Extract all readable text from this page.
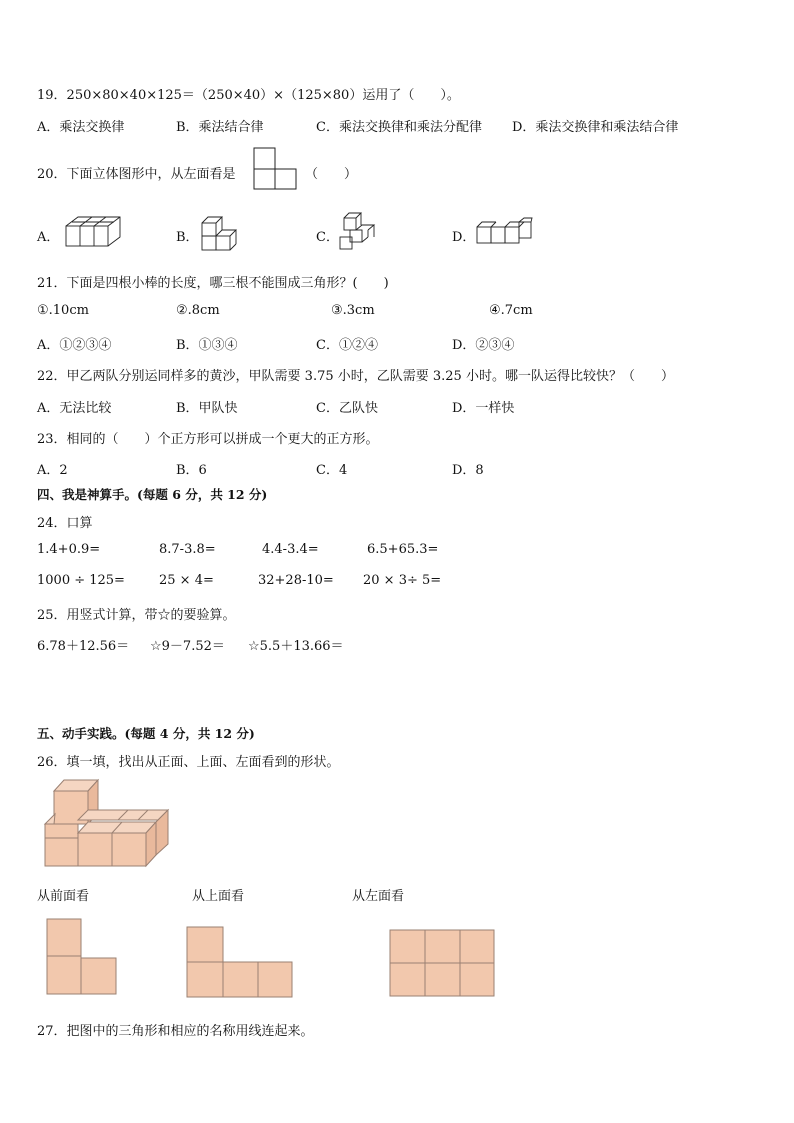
19．250×80×40×125＝（250×40）×（125×80）运用了（　　）。
A．乘法交换律	B．乘法结合律	C．乘法交换律和乘法分配律 D．乘法交换律和乘法结合律
20．下面立体图形中，从左面看是	（　　）
A．	B．	C．	D．
21．下面是四根小棒的长度，哪三根不能围成三角形？(　　)
①.10cm	②.8cm	③.3cm	④.7cm
A．①②③④	B．①③④	C．①②④	D．②③④
22．甲乙两队分别运同样多的黄沙，甲队需要 3.75 小时，乙队需要 3.25 小时。哪一队运得比较快？（　　）
A．无法比较	B．甲队快	C．乙队快	D．一样快
23．相同的（　　）个正方形可以拼成一个更大的正方形。
A．2	B．6	C．4	D．8
四、我是神算手。(每题 6 分，共 12 分)
24．口算
1.4+0.9=	8.7-3.8=	4.4-3.4=	6.5+65.3=
1000 ÷ 125=	25 × 4=	32+28-10= 20 × 3÷ 5=
25．用竖式计算，带☆的要验算。
6.78＋12.56＝ ☆9－7.52＝ ☆5.5＋13.66＝
五、动手实践。(每题 4 分，共 12 分)
26．填一填，找出从正面、上面、左面看到的形状。
从前面看	从上面看	从左面看
27．把图中的三角形和相应的名称用线连起来。
